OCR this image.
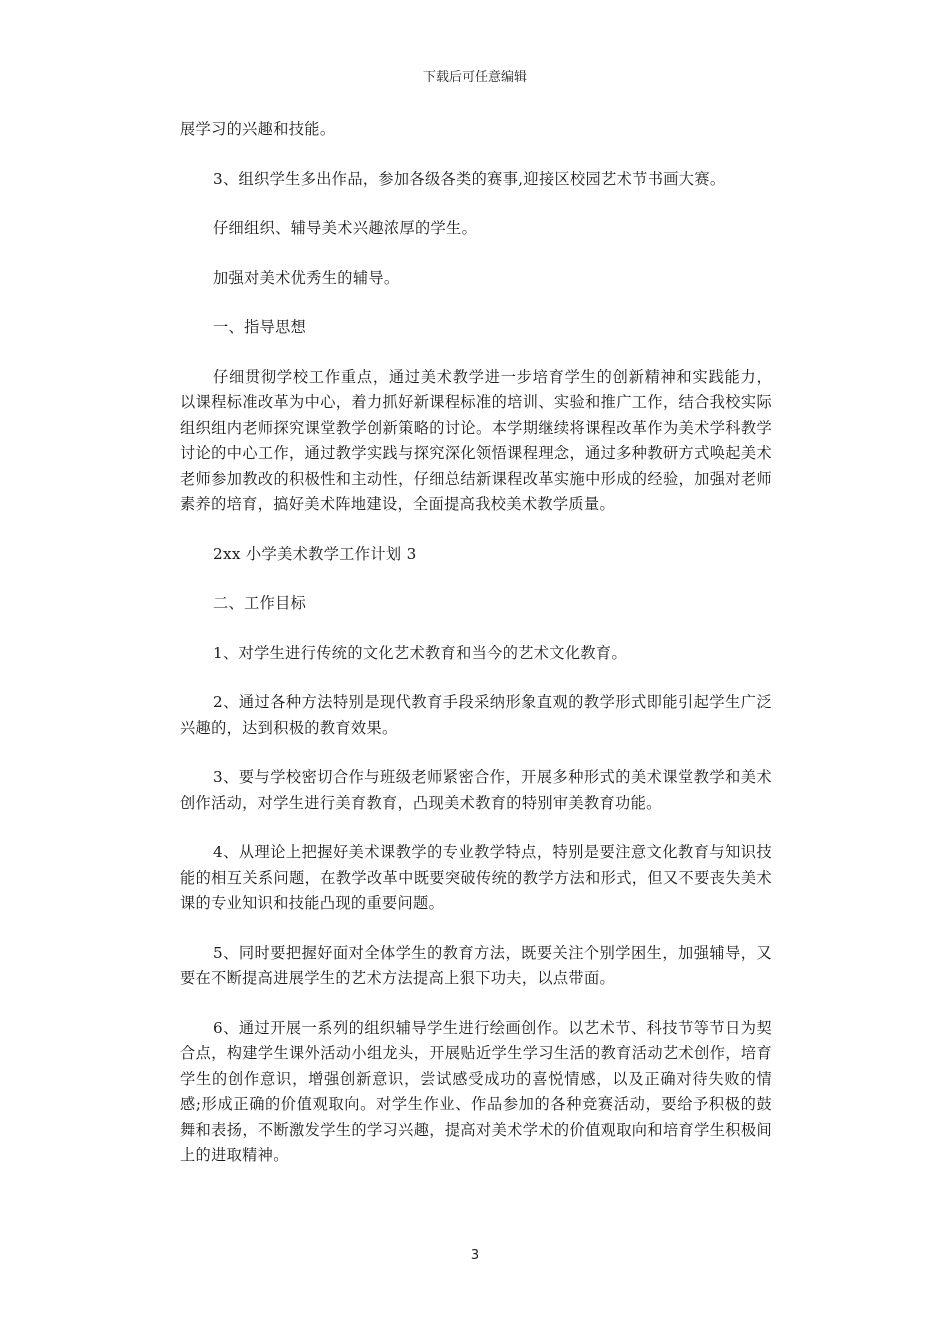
下载后可任意编辑

展学习的兴趣和技能。

3、组织学生多出作品，参加各级各类的赛事,迎接区校园艺术节书画大赛。

仔细组织、辅导美术兴趣浓厚的学生。

加强对美术优秀生的辅导。

一、指导思想

仔细贯彻学校工作重点，通过美术教学进一步培育学生的创新精神和实践能力，以课程标准改革为中心，着力抓好新课程标准的培训、实验和推广工作，结合我校实际组织组内老师探究课堂教学创新策略的讨论。本学期继续将课程改革作为美术学科教学讨论的中心工作，通过教学实践与探究深化领悟课程理念，通过多种教研方式唤起美术老师参加教改的积极性和主动性，仔细总结新课程改革实施中形成的经验，加强对老师素养的培育，搞好美术阵地建设，全面提高我校美术教学质量。

2xx 小学美术教学工作计划 3

二、工作目标

1、对学生进行传统的文化艺术教育和当今的艺术文化教育。

2、通过各种方法特别是现代教育手段采纳形象直观的教学形式即能引起学生广泛兴趣的，达到积极的教育效果。

3、要与学校密切合作与班级老师紧密合作，开展多种形式的美术课堂教学和美术创作活动，对学生进行美育教育，凸现美术教育的特别审美教育功能。

4、从理论上把握好美术课教学的专业教学特点，特别是要注意文化教育与知识技能的相互关系问题，在教学改革中既要突破传统的教学方法和形式，但又不要丧失美术课的专业知识和技能凸现的重要问题。

5、同时要把握好面对全体学生的教育方法，既要关注个别学困生，加强辅导，又要在不断提高进展学生的艺术方法提高上狠下功夫，以点带面。

6、通过开展一系列的组织辅导学生进行绘画创作。以艺术节、科技节等节日为契合点，构建学生课外活动小组龙头，开展贴近学生学习生活的教育活动艺术创作，培育学生的创作意识，增强创新意识，尝试感受成功的喜悦情感，以及正确对待失败的情感;形成正确的价值观取向。对学生作业、作品参加的各种竞赛活动，要给予积极的鼓舞和表扬，不断激发学生的学习兴趣，提高对美术学术的价值观取向和培育学生积极间上的进取精神。

3
